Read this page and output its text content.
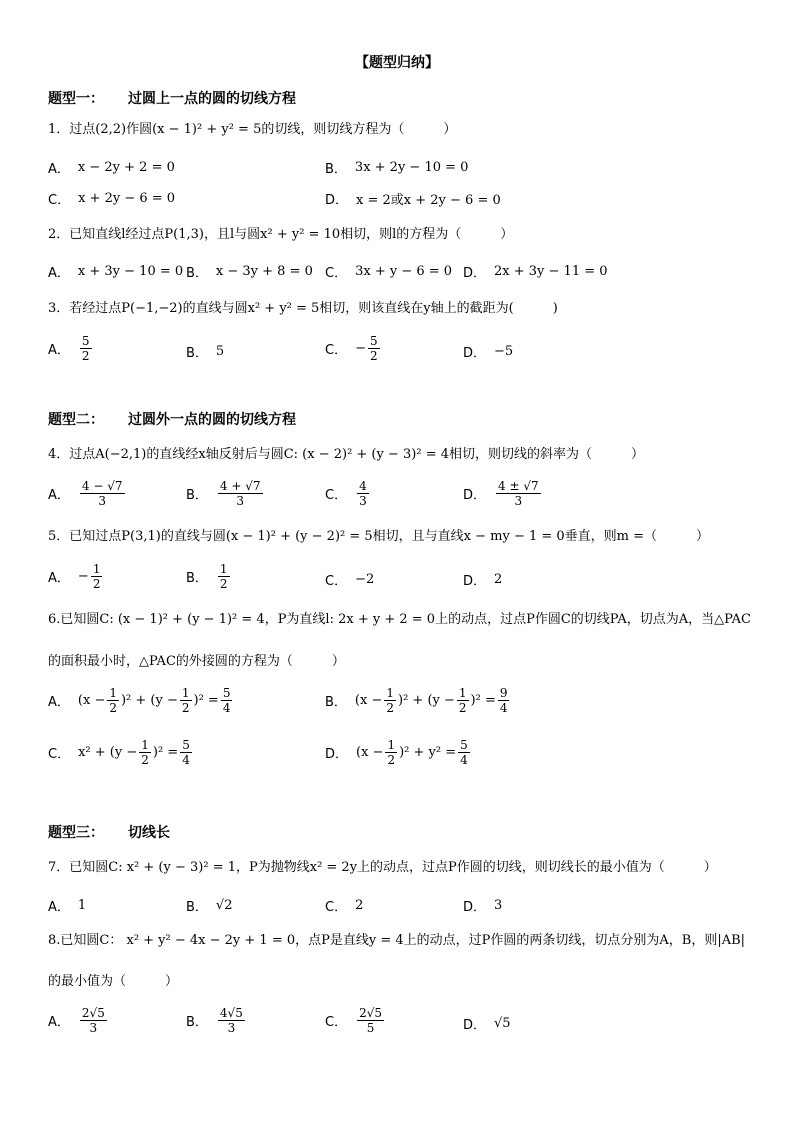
【题型归纳】
题型一： 过圆上一点的圆的切线方程
1．过点(2,2)作圆(x − 1)² + y² = 5的切线，则切线方程为（　　　）
A． x − 2y + 2 = 0	B． 3x + 2y − 10 = 0
C． x + 2y − 6 = 0	D． x = 2或x + 2y − 6 = 0
2．已知直线l经过点P(1,3)，且l与圆x² + y² = 10相切，则l的方程为（　　　）
A． x + 3y − 10 = 0 B． x − 3y + 8 = 0 C． 3x + y − 6 = 0 D． 2x + 3y − 11 = 0
3．若经过点P(−1,−2)的直线与圆x² + y² = 5相切，则该直线在y轴上的截距为(　　　)
A． $\frac{5}{2}$	B． 5	C． − $\frac{5}{2}$	D． −5
题型二： 过圆外一点的圆的切线方程
4．过点A(−2,1)的直线经x轴反射后与圆C: (x − 2)² + (y − 3)² = 4相切，则切线的斜率为（　　　）
A． $\frac{4 - √7}{3}$	B． $\frac{4 + √7}{3}$	C． $\frac{4}{3}$	D． $\frac{4 \pm √7}{3}$
5．已知过点P(3,1)的直线与圆(x − 1)² + (y − 2)² = 5相切，且与直线x − my − 1 = 0垂直，则m =（　　　）
A． − $\frac{1}{2}$	B． $\frac{1}{2}$	C． −2	D． 2
6.已知圆C: (x − 1)² + (y − 1)² = 4，P为直线l: 2x + y + 2 = 0上的动点，过点P作圆C的切线PA，切点为A，当△PAC
的面积最小时，△PAC的外接圆的方程为（　　　）
A． $(x - \frac{1}{2} )^2 + (y - \frac{1}{2} )^2 = \frac{5}{4}$	B． $(x - \frac{1}{2} )^2 + (y - \frac{1}{2} )^2 = \frac{9}{4}$
C． $x^2 + (y - \frac{1}{2} )^2 = \frac{5}{4}$	D． $(x - \frac{1}{2} )^2 + y^2 = \frac{5}{4}$
题型三： 切线长
7．已知圆C: x² + (y − 3)² = 1，P为抛物线x² = 2y上的动点，过点P作圆的切线，则切线长的最小值为（　　　）
A． 1	B． √2	C． 2	D． 3
8.已知圆C： x² + y² − 4x − 2y + 1 = 0，点P是直线y = 4上的动点，过P作圆的两条切线，切点分别为A，B，则|AB|
的最小值为（　　　）
A． $\frac{2√5}{3}$	B． $\frac{4√5}{3}$	C． $\frac{2√5}{5}$	D． √5
